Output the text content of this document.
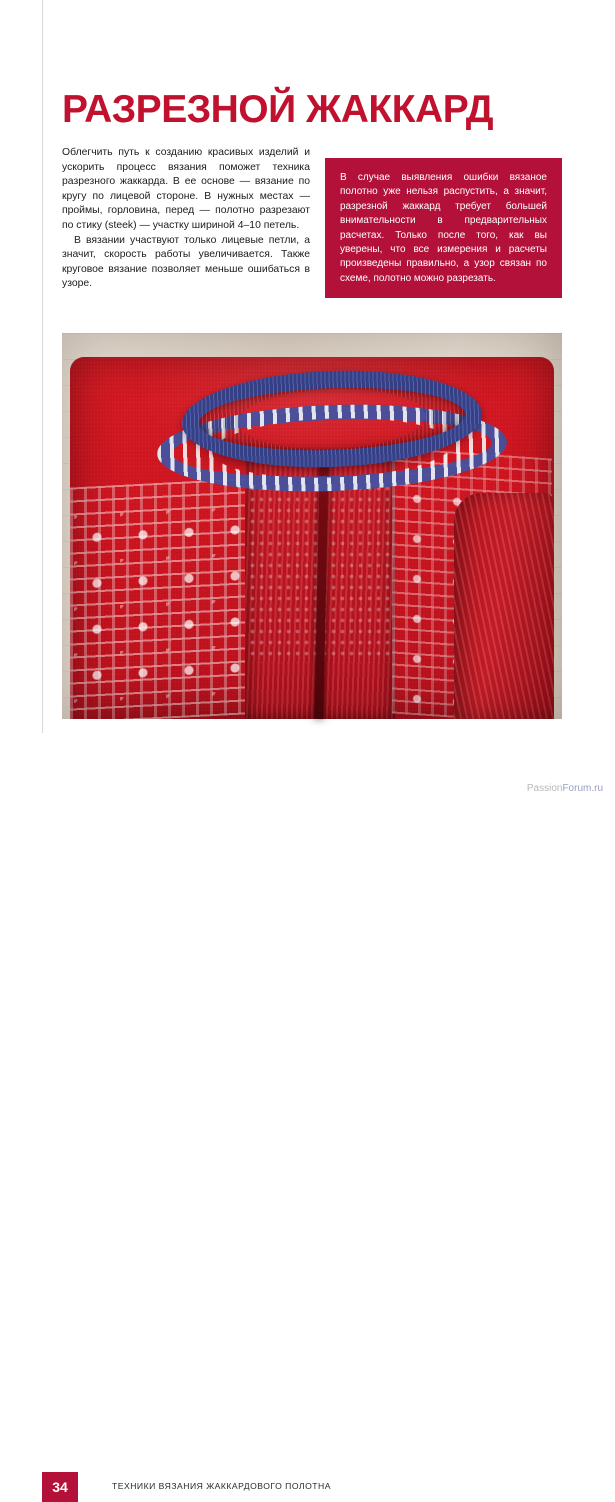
РАЗРЕЗНОЙ ЖАККАРД

Облегчить путь к созданию красивых изделий и ускорить процесс вязания поможет техника разрезного жаккарда. В ее основе — вязание по кругу по лицевой стороне. В нужных местах — проймы, горловина, перед — полотно разрезают по стику (steek) — участку шириной 4–10 петель.

В вязании участвуют только лицевые петли, а значит, скорость работы увеличивается. Также круговое вязание позволяет меньше ошибаться в узоре.

В случае выявления ошибки вязаное полотно уже нельзя распустить, а значит, разрезной жаккард требует большей внимательности в предварительных расчетах. Только после того, как вы уверены, что все измерения и расчеты произведены правильно, а узор связан по схеме, полотно можно разрезать.

34	ТЕХНИКИ ВЯЗАНИЯ ЖАККАРДОВОГО ПОЛОТНА
PassionForum.ru
